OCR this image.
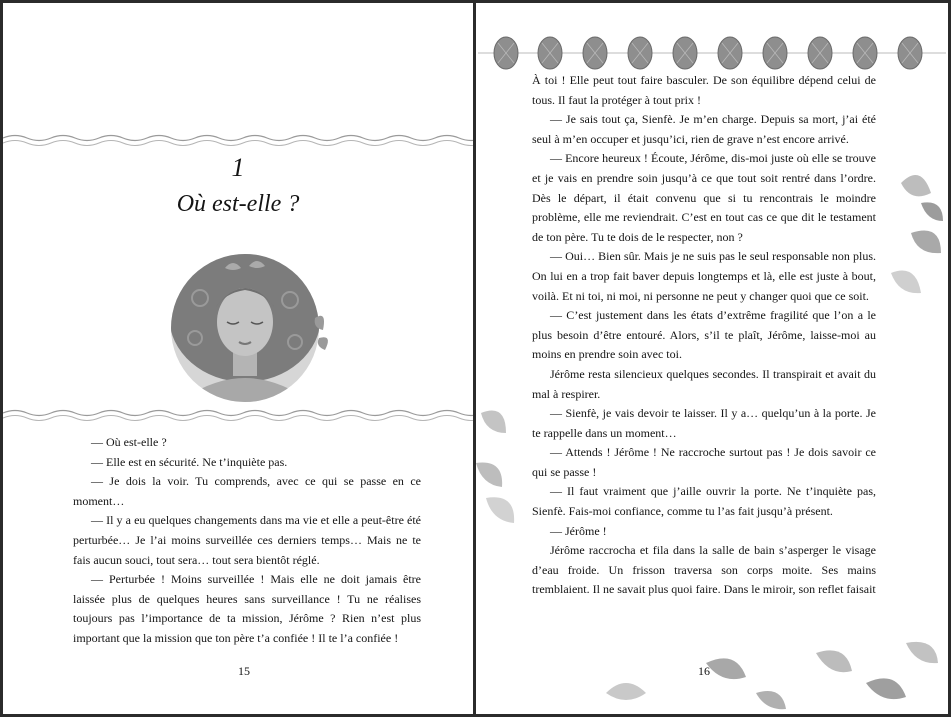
1
Où est-elle ?

— Où est-elle ?

— Elle est en sécurité. Ne t’inquiète pas.

— Je dois la voir. Tu comprends, avec ce qui se passe en ce moment…

— Il y a eu quelques changements dans ma vie et elle a peut-être été perturbée… Je l’ai moins surveillée ces derniers temps… Mais ne te fais aucun souci, tout sera… tout sera bientôt réglé.

— Perturbée ! Moins surveillée ! Mais elle ne doit jamais être laissée plus de quelques heures sans surveillance ! Tu ne réalises toujours pas l’importance de ta mission, Jérôme ? Rien n’est plus important que la mission que ton père t’a confiée ! Il te l’a confiée !

15

À toi ! Elle peut tout faire basculer. De son équilibre dépend celui de tous. Il faut la protéger à tout prix !

— Je sais tout ça, Sienfè. Je m’en charge. Depuis sa mort, j’ai été seul à m’en occuper et jusqu’ici, rien de grave n’est encore arrivé.

— Encore heureux ! Écoute, Jérôme, dis-moi juste où elle se trouve et je vais en prendre soin jusqu’à ce que tout soit rentré dans l’ordre. Dès le départ, il était convenu que si tu rencontrais le moindre problème, elle me reviendrait. C’est en tout cas ce que dit le testament de ton père. Tu te dois de le respecter, non ?

— Oui… Bien sûr. Mais je ne suis pas le seul responsable non plus. On lui en a trop fait baver depuis longtemps et là, elle est juste à bout, voilà. Et ni toi, ni moi, ni personne ne peut y changer quoi que ce soit.

— C’est justement dans les états d’extrême fragilité que l’on a le plus besoin d’être entouré. Alors, s’il te plaît, Jérôme, laisse-moi au moins en prendre soin avec toi.

Jérôme resta silencieux quelques secondes. Il transpirait et avait du mal à respirer.

— Sienfè, je vais devoir te laisser. Il y a… quelqu’un à la porte. Je te rappelle dans un moment…

— Attends ! Jérôme ! Ne raccroche surtout pas ! Je dois savoir ce qui se passe !

— Il faut vraiment que j’aille ouvrir la porte. Ne t’inquiète pas, Sienfè. Fais-moi confiance, comme tu l’as fait jusqu’à présent.

— Jérôme !

Jérôme raccrocha et fila dans la salle de bain s’asperger le visage d’eau froide. Un frisson traversa son corps moite. Ses mains tremblaient. Il ne savait plus quoi faire. Dans le miroir, son reflet faisait

16
